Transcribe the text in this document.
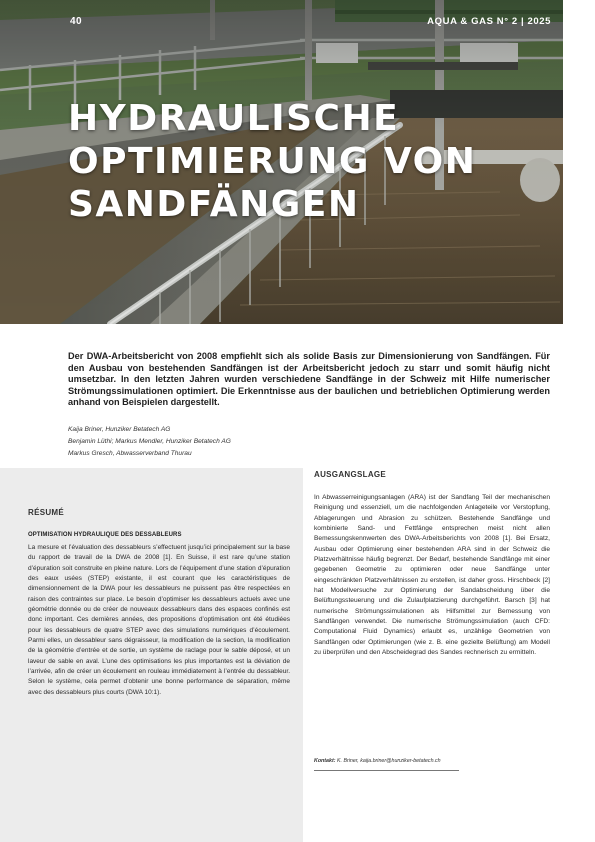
40	AQUA & GAS N° 2 | 2025
HYDRAULISCHE
OPTIMIERUNG VON
SANDFÄNGEN

Der DWA-Arbeitsbericht von 2008 empfiehlt sich als solide Basis zur Dimensionierung von Sandfängen. Für den Ausbau von bestehenden Sandfängen ist der Arbeitsbericht jedoch zu starr und somit häufig nicht umsetzbar. In den letzten Jahren wurden verschiedene Sandfänge in der Schweiz mit Hilfe numerischer Strömungssimulationen optimiert. Die Erkenntnisse aus der baulichen und betrieblichen Optimierung werden anhand von Beispielen dargestellt.

Kaija Briner, Hunziker Betatech AG
Benjamin Lüthi; Markus Mendler, Hunziker Betatech AG
Markus Gresch, Abwasserverband Thurau
RÉSUMÉ
OPTIMISATION HYDRAULIQUE DES DESSABLEURS

La mesure et l’évaluation des dessableurs s’effectuent jusqu’ici principalement sur la base du rapport de travail de la DWA de 2008 [1]. En Suisse, il est rare qu’une station d’épuration soit construite en pleine nature. Lors de l’équipement d’une station d’épuration des eaux usées (STEP) existante, il est courant que les caractéristiques de dimensionnement de la DWA pour les dessableurs ne puissent pas être respectées en raison des contraintes sur place. Le besoin d’optimiser les dessableurs actuels avec une géométrie donnée ou de créer de nouveaux dessableurs dans des espaces confinés est donc important. Ces dernières années, des propositions d’optimisation ont été étudiées pour les dessableurs de quatre STEP avec des simulations numériques d’écoulement. Parmi elles, un dessableur sans dégraisseur, la modification de la section, la modification de la géométrie d’entrée et de sortie, un système de raclage pour le sable déposé, et un laveur de sable en aval. L’une des optimisations les plus importantes est la déviation de l’arrivée, afin de créer un écoulement en rouleau immédiatement à l’entrée du dessableur. Selon le système, cela permet d’obtenir une bonne performance de séparation, même avec des dessableurs plus courts (DWA 10:1).

AUSGANGSLAGE

In Abwasserreinigungsanlagen (ARA) ist der Sandfang Teil der mechanischen Reinigung und essenziell, um die nachfolgenden Anlageteile vor Verstopfung, Ablagerungen und Abrasion zu schützen. Bestehende Sandfänge und kombinierte Sand- und Fettfänge entsprechen meist nicht allen Bemessungskennwerten des DWA-Arbeitsberichts von 2008 [1]. Bei Ersatz, Ausbau oder Optimierung einer bestehenden ARA sind in der Schweiz die Platzverhältnisse häufig begrenzt. Der Bedarf, bestehende Sandfänge mit einer gegebenen Geometrie zu optimieren oder neue Sandfänge unter eingeschränkten Platzverhältnissen zu erstellen, ist daher gross. Hirschbeck [2] hat Modellversuche zur Optimierung der Sandabscheidung über die Belüftungssteuerung und die Zulaufplatzierung durchgeführt. Barsch [3] hat numerische Strömungssimulationen als Hilfsmittel zur Bemessung von Sandfängen verwendet. Die numerische Strömungssimulation (auch CFD: Computational Fluid Dynamics) erlaubt es, unzählige Geometrien von Sandfängen oder Optimierungen (wie z. B. eine gezielte Belüftung) am Modell zu überprüfen und den Abscheidegrad des Sandes rechnerisch zu ermitteln.

Kontakt: K. Briner, kaija.briner@hunziker-betatech.ch
